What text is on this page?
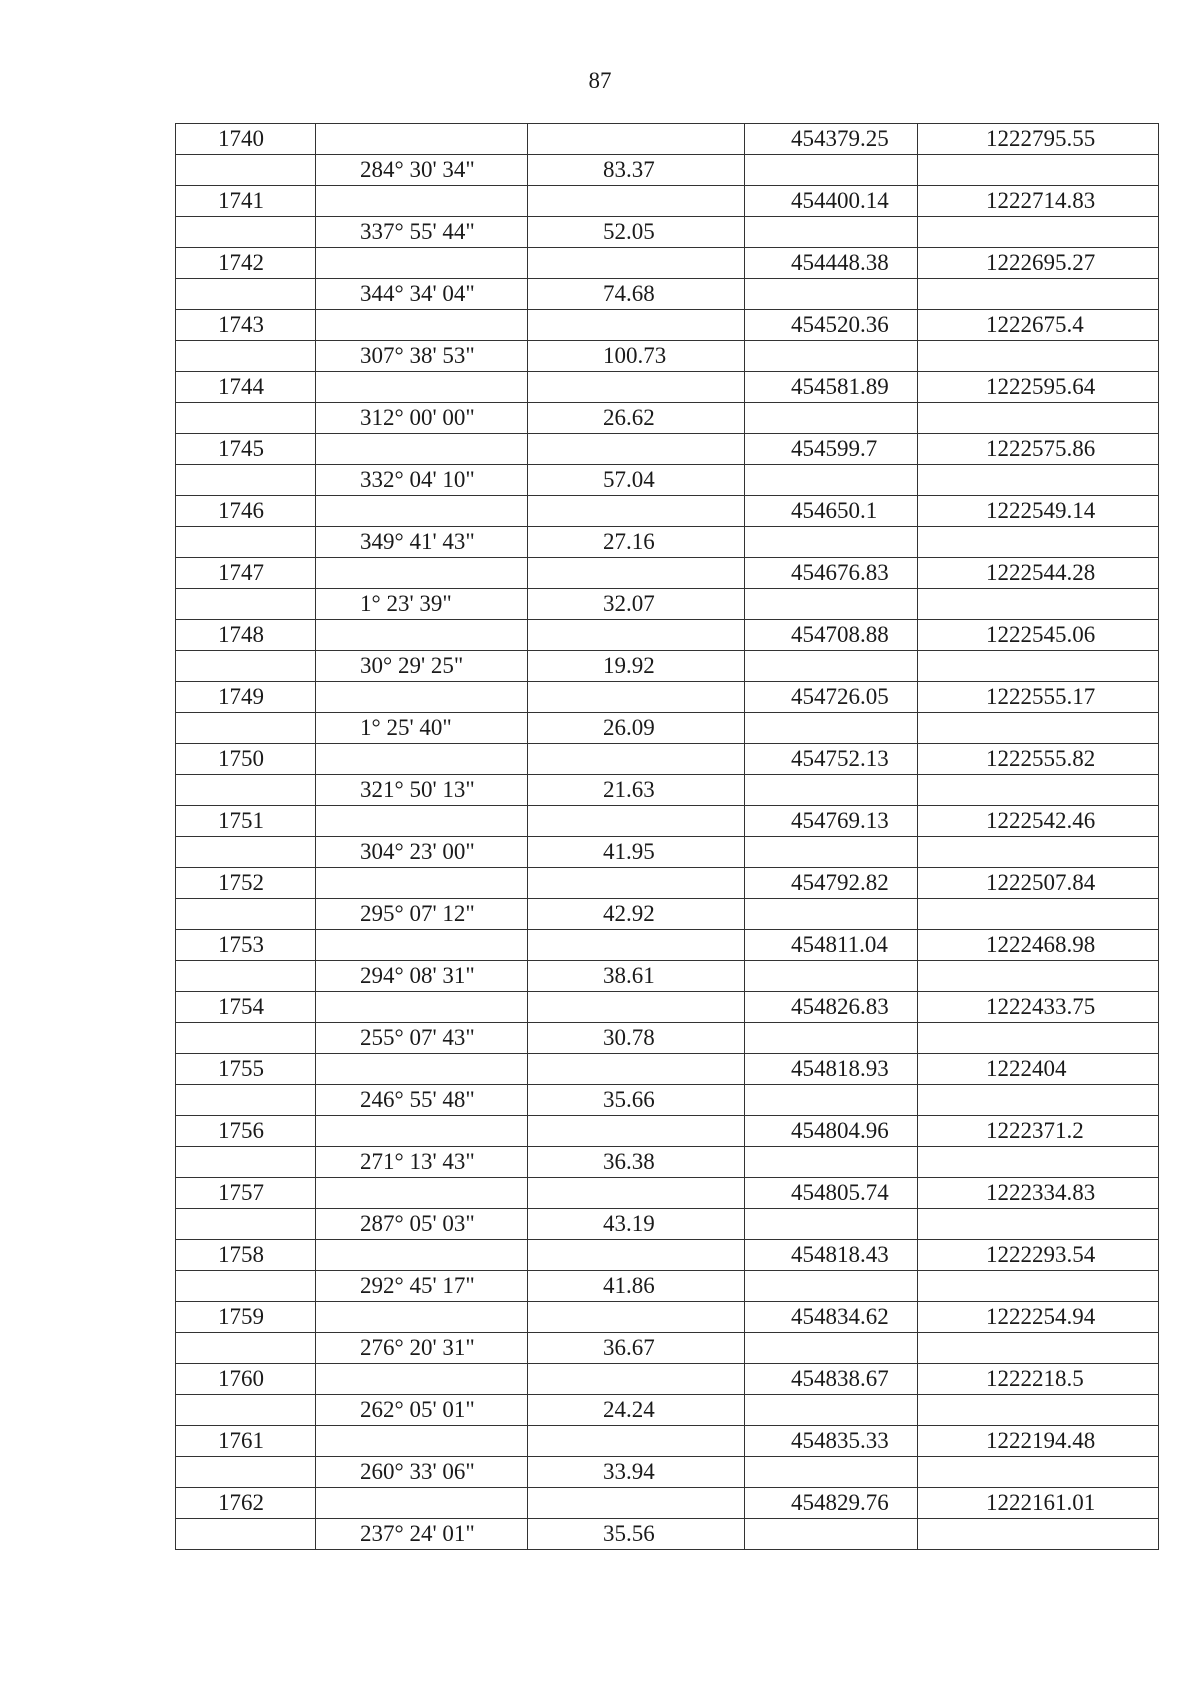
87
1740			454379.25	1222795.55
	284° 30' 34"	83.37		
1741			454400.14	1222714.83
	337° 55' 44"	52.05		
1742			454448.38	1222695.27
	344° 34' 04"	74.68		
1743			454520.36	1222675.4
	307° 38' 53"	100.73		
1744			454581.89	1222595.64
	312° 00' 00"	26.62		
1745			454599.7	1222575.86
	332° 04' 10"	57.04		
1746			454650.1	1222549.14
	349° 41' 43"	27.16		
1747			454676.83	1222544.28
	1° 23' 39"	32.07		
1748			454708.88	1222545.06
	30° 29' 25"	19.92		
1749			454726.05	1222555.17
	1° 25' 40"	26.09		
1750			454752.13	1222555.82
	321° 50' 13"	21.63		
1751			454769.13	1222542.46
	304° 23' 00"	41.95		
1752			454792.82	1222507.84
	295° 07' 12"	42.92		
1753			454811.04	1222468.98
	294° 08' 31"	38.61		
1754			454826.83	1222433.75
	255° 07' 43"	30.78		
1755			454818.93	1222404
	246° 55' 48"	35.66		
1756			454804.96	1222371.2
	271° 13' 43"	36.38		
1757			454805.74	1222334.83
	287° 05' 03"	43.19		
1758			454818.43	1222293.54
	292° 45' 17"	41.86		
1759			454834.62	1222254.94
	276° 20' 31"	36.67		
1760			454838.67	1222218.5
	262° 05' 01"	24.24		
1761			454835.33	1222194.48
	260° 33' 06"	33.94		
1762			454829.76	1222161.01
	237° 24' 01"	35.56		
